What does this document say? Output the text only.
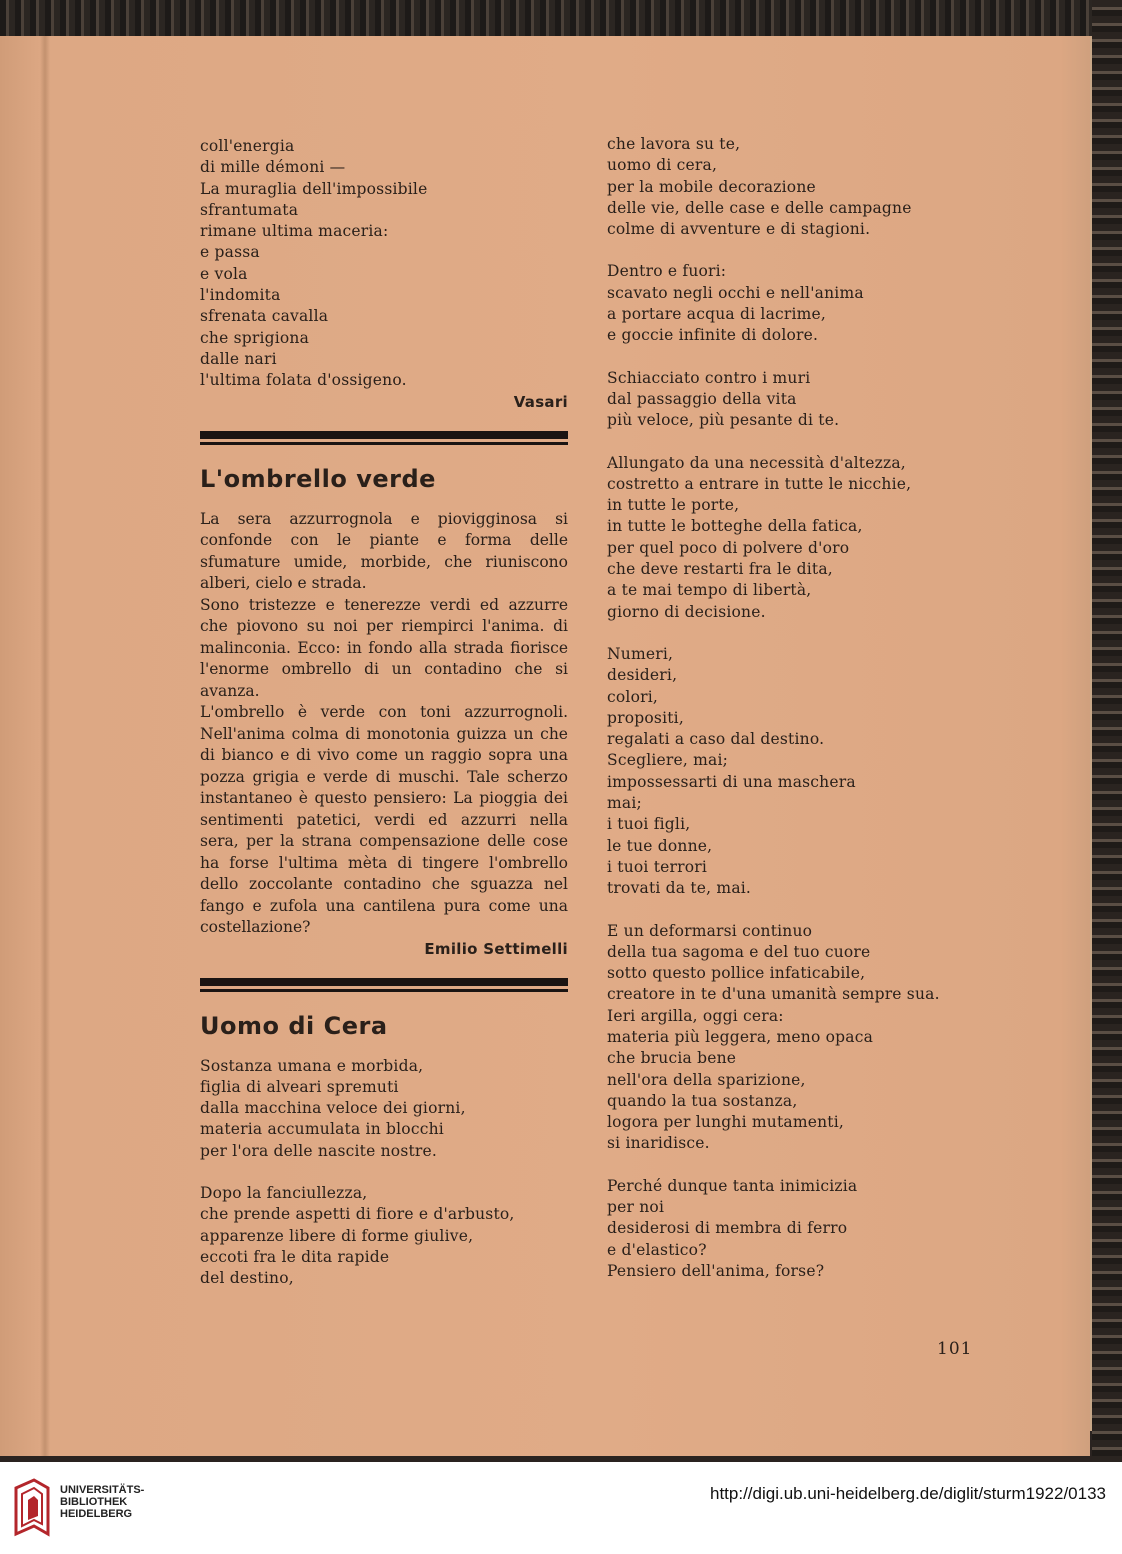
coll'energia
di mille démoni —
La muraglia dell'impossibile
sfrantumata
rimane ultima maceria:
e passa
e vola
l'indomita
sfrenata cavalla
che sprigiona
dalle nari
l'ultima folata d'ossigeno.
Vasari
L'ombrello verde

La sera azzurrognola e piovigginosa si confonde con le piante e forma delle sfumature umide, morbide, che riuniscono alberi, cielo e strada.

Sono tristezze e tenerezze verdi ed azzurre che piovono su noi per riempirci l'anima. di malinconia. Ecco: in fondo alla strada fiorisce l'enorme ombrello di un contadino che si avanza.

L'ombrello è verde con toni azzurrognoli. Nell'anima colma di monotonia guizza un che di bianco e di vivo come un raggio sopra una pozza grigia e verde di muschi. Tale scherzo instantaneo è questo pensiero: La pioggia dei sentimenti patetici, verdi ed azzurri nella sera, per la strana compensazione delle cose ha forse l'ultima mèta di tingere l'ombrello dello zoccolante contadino che sguazza nel fango e zufola una cantilena pura come una costellazione?

Emilio Settimelli
Uomo di Cera
Sostanza umana e morbida,
figlia di alveari spremuti
dalla macchina veloce dei giorni,
materia accumulata in blocchi
per l'ora delle nascite nostre.
Dopo la fanciullezza,
che prende aspetti di fiore e d'arbusto,
apparenze libere di forme giulive,
eccoti fra le dita rapide
del destino,
che lavora su te,
uomo di cera,
per la mobile decorazione
delle vie, delle case e delle campagne
colme di avventure e di stagioni.
Dentro e fuori:
scavato negli occhi e nell'anima
a portare acqua di lacrime,
e goccie infinite di dolore.
Schiacciato contro i muri
dal passaggio della vita
più veloce, più pesante di te.
Allungato da una necessità d'altezza,
costretto a entrare in tutte le nicchie,
in tutte le porte,
in tutte le botteghe della fatica,
per quel poco di polvere d'oro
che deve restarti fra le dita,
a te mai tempo di libertà,
giorno di decisione.
Numeri,
desideri,
colori,
propositi,
regalati a caso dal destino.
Scegliere, mai;
impossessarti di una maschera
mai;
i tuoi figli,
le tue donne,
i tuoi terrori
trovati da te, mai.
E un deformarsi continuo
della tua sagoma e del tuo cuore
sotto questo pollice infaticabile,
creatore in te d'una umanità sempre sua.
Ieri argilla, oggi cera:
materia più leggera, meno opaca
che brucia bene
nell'ora della sparizione,
quando la tua sostanza,
logora per lunghi mutamenti,
si inaridisce.
Perché dunque tanta inimicizia
per noi
desiderosi di membra di ferro
e d'elastico?
Pensiero dell'anima, forse?
101
UNIVERSITÄTS-
BIBLIOTHEK
HEIDELBERG
http://digi.ub.uni-heidelberg.de/diglit/sturm1922/0133
